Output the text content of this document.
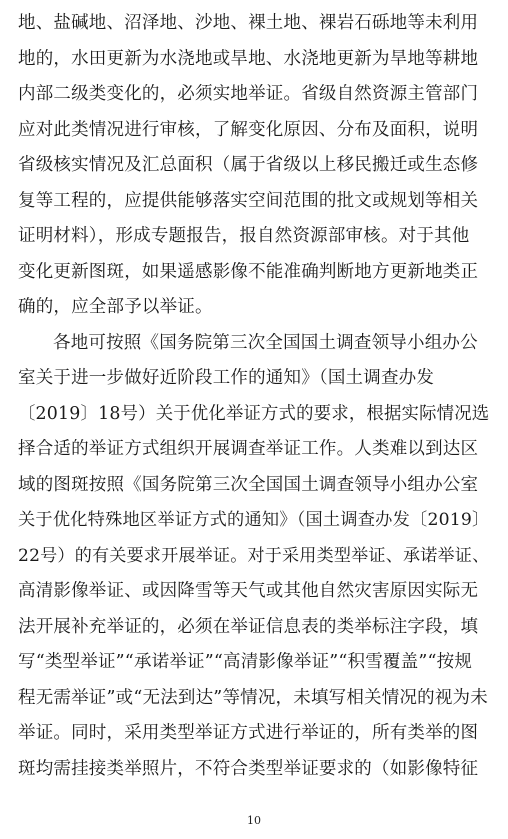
地、盐碱地、沼泽地、沙地、裸土地、裸岩石砾地等未利用
地的，水田更新为水浇地或旱地、水浇地更新为旱地等耕地
内部二级类变化的，必须实地举证。省级自然资源主管部门
应对此类情况进行审核，了解变化原因、分布及面积，说明
省级核实情况及汇总面积（属于省级以上移民搬迁或生态修
复等工程的，应提供能够落实空间范围的批文或规划等相关
证明材料），形成专题报告，报自然资源部审核。对于其他
变化更新图斑，如果遥感影像不能准确判断地方更新地类正
确的，应全部予以举证。
各地可按照《国务院第三次全国国土调查领导小组办公
室关于进一步做好近阶段工作的通知》（国土调查办发
〔2019〕18号）关于优化举证方式的要求，根据实际情况选
择合适的举证方式组织开展调查举证工作。人类难以到达区
域的图斑按照《国务院第三次全国国土调查领导小组办公室
关于优化特殊地区举证方式的通知》（国土调查办发〔2019〕
22号）的有关要求开展举证。对于采用类型举证、承诺举证、
高清影像举证、或因降雪等天气或其他自然灾害原因实际无
法开展补充举证的，必须在举证信息表的类举标注字段，填
写“类型举证”“承诺举证”“高清影像举证”“积雪覆盖”“按规
程无需举证”或“无法到达”等情况，未填写相关情况的视为未
举证。同时，采用类型举证方式进行举证的，所有类举的图
斑均需挂接类举照片，不符合类型举证要求的（如影像特征
10
